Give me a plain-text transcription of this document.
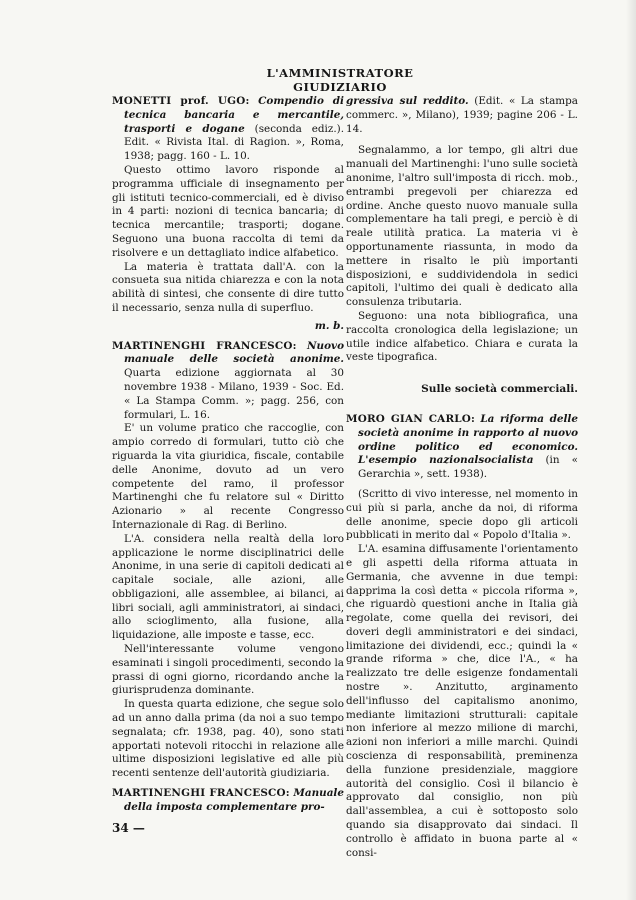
L'AMMINISTRATORE GIUDIZIARIO

MONETTI prof. UGO: Compendio di tecnica bancaria e mercantile, trasporti e dogane (seconda ediz.). Edit. « Rivista Ital. di Ragion. », Roma, 1938; pagg. 160 - L. 10.

Questo ottimo lavoro risponde al programma ufficiale di insegnamento per gli istituti tecnico-commerciali, ed è diviso in 4 parti: nozioni di tecnica bancaria; di tecnica mercantile; trasporti; dogane. Seguono una buona raccolta di temi da risolvere e un dettagliato indice alfabetico.

La materia è trattata dall'A. con la consueta sua nitida chiarezza e con la nota abilità di sintesi, che consente di dire tutto il necessario, senza nulla di superfluo.

m. b.

MARTINENGHI FRANCESCO: Nuovo manuale delle società anonime. Quarta edizione aggiornata al 30 novembre 1938 - Milano, 1939 - Soc. Ed. « La Stampa Comm. »; pagg. 256, con formulari, L. 16.

E' un volume pratico che raccoglie, con ampio corredo di formulari, tutto ciò che riguarda la vita giuridica, fiscale, contabile delle Anonime, dovuto ad un vero competente del ramo, il professor Martinenghi che fu relatore sul « Diritto Azionario » al recente Congresso Internazionale di Rag. di Berlino.

L'A. considera nella realtà della loro applicazione le norme disciplinatrici delle Anonime, in una serie di capitoli dedicati al capitale sociale, alle azioni, alle obbligazioni, alle assemblee, ai bilanci, ai libri sociali, agli amministratori, ai sindaci, allo scioglimento, alla fusione, alla liquidazione, alle imposte e tasse, ecc.

Nell'interessante volume vengono esaminati i singoli procedimenti, secondo la prassi di ogni giorno, ricordando anche la giurisprudenza dominante.

In questa quarta edizione, che segue solo ad un anno dalla prima (da noi a suo tempo segnalata; cfr. 1938, pag. 40), sono stati apportati notevoli ritocchi in relazione alle ultime disposizioni legislative ed alle più recenti sentenze dell'autorità giudiziaria.

MARTINENGHI FRANCESCO: Manuale della imposta complementare pro-

gressiva sul reddito. (Edit. « La stampa commerc. », Milano), 1939; pagine 206 - L. 14.

Segnalammo, a lor tempo, gli altri due manuali del Martinenghi: l'uno sulle società anonime, l'altro sull'imposta di ricch. mob., entrambi pregevoli per chiarezza ed ordine. Anche questo nuovo manuale sulla complementare ha tali pregi, e perciò è di reale utilità pratica. La materia vi è opportunamente riassunta, in modo da mettere in risalto le più importanti disposizioni, e suddividendola in sedici capitoli, l'ultimo dei quali è dedicato alla consulenza tributaria.

Seguono: una nota bibliografica, una raccolta cronologica della legislazione; un utile indice alfabetico. Chiara e curata la veste tipografica.

Sulle società commerciali.

MORO GIAN CARLO: La riforma delle società anonime in rapporto al nuovo ordine politico ed economico. L'esempio nazionalsocialista (in « Gerarchia », sett. 1938).

(Scritto di vivo interesse, nel momento in cui più si parla, anche da noi, di riforma delle anonime, specie dopo gli articoli pubblicati in merito dal « Popolo d'Italia ».

L'A. esamina diffusamente l'orientamento e gli aspetti della riforma attuata in Germania, che avvenne in due tempi: dapprima la così detta « piccola riforma », che riguardò questioni anche in Italia già regolate, come quella dei revisori, dei doveri degli amministratori e dei sindaci, limitazione dei dividendi, ecc.; quindi la « grande riforma » che, dice l'A., « ha realizzato tre delle esigenze fondamentali nostre ». Anzitutto, arginamento dell'influsso del capitalismo anonimo, mediante limitazioni strutturali: capitale non inferiore al mezzo milione di marchi, azioni non inferiori a mille marchi. Quindi coscienza di responsabilità, preminenza della funzione presidenziale, maggiore autorità del consiglio. Così il bilancio è approvato dal consiglio, non più dall'assemblea, a cui è sottoposto solo quando sia disapprovato dai sindaci. Il controllo è affidato in buona parte al « consi-

34 —
